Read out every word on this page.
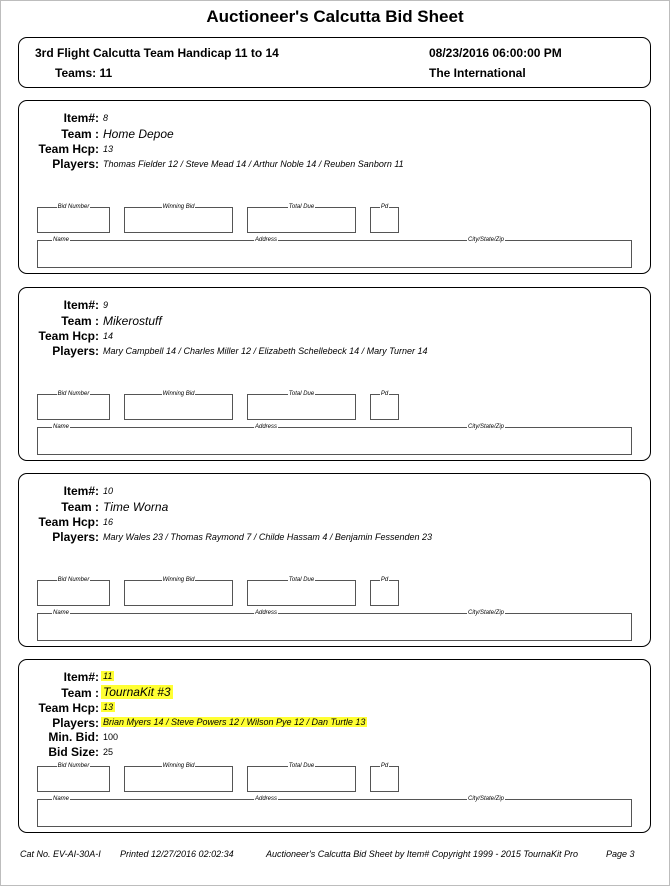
Auctioneer's Calcutta Bid Sheet
3rd Flight Calcutta Team Handicap 11 to 14
Teams: 11
08/23/2016 06:00:00 PM
The International
Item#: 8
Team : Home Depoe
Team Hcp: 13
Players: Thomas Fielder 12 / Steve Mead 14 / Arthur Noble 14 / Reuben Sanborn 11
Bid Number	Winning Bid	Total Due	Pd
Name	Address	City/State/Zip
Item#: 9
Team : Mikerostuff
Team Hcp: 14
Players: Mary Campbell 14 / Charles Miller 12 / Elizabeth Schellebeck 14 / Mary Turner 14
Bid Number	Winning Bid	Total Due	Pd
Name	Address	City/State/Zip
Item#: 10
Team : Time Worna
Team Hcp: 16
Players: Mary Wales 23 / Thomas Raymond 7 / Childe Hassam 4 / Benjamin Fessenden 23
Bid Number	Winning Bid	Total Due	Pd
Name	Address	City/State/Zip
Item#: 11
Team : TournaKit #3
Team Hcp: 13
Players: Brian Myers 14 / Steve Powers 12 / Wilson Pye 12 / Dan Turtle 13
Min. Bid: 100
Bid Size: 25
Bid Number	Winning Bid	Total Due	Pd
Name	Address	City/State/Zip
Cat No. EV-AI-30A-I Printed 12/27/2016 02:02:34	Auctioneer's Calcutta Bid Sheet by Item# Copyright 1999 - 2015 TournaKit Pro	Page 3
